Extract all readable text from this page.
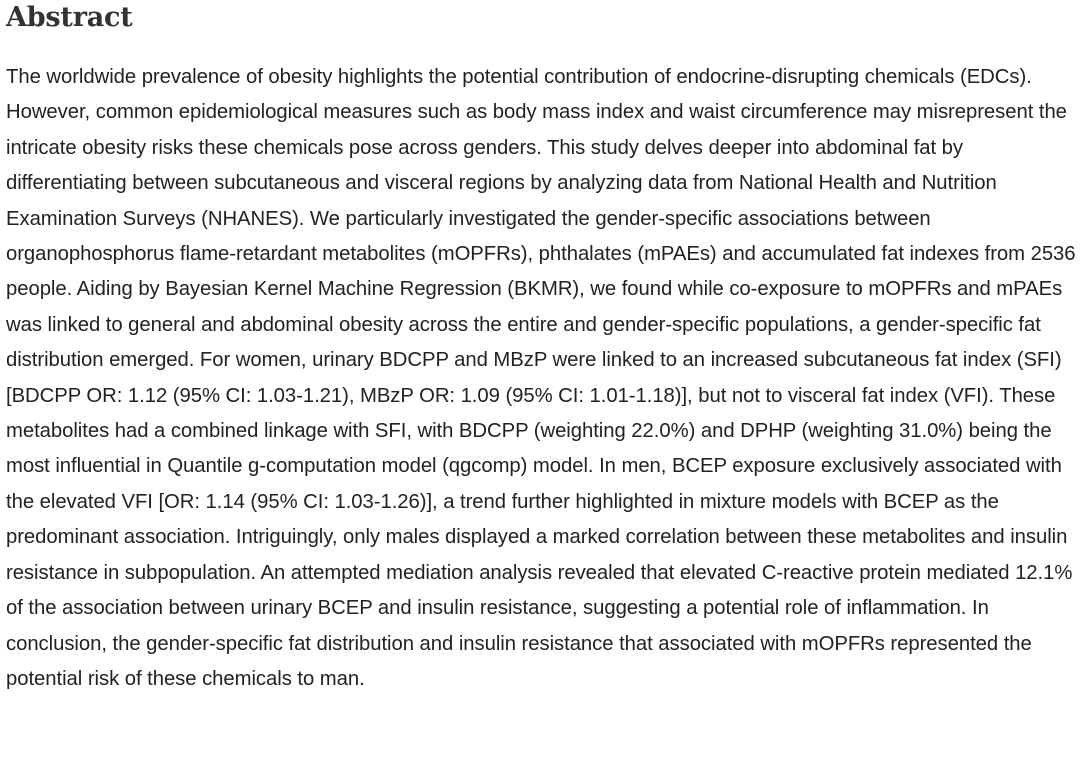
Abstract

The worldwide prevalence of obesity highlights the potential contribution of endocrine-disrupting chemicals (EDCs). However, common epidemiological measures such as body mass index and waist circumference may misrepresent the intricate obesity risks these chemicals pose across genders. This study delves deeper into abdominal fat by differentiating between subcutaneous and visceral regions by analyzing data from National Health and Nutrition Examination Surveys (NHANES). We particularly investigated the gender-specific associations between organophosphorus flame-retardant metabolites (mOPFRs), phthalates (mPAEs) and accumulated fat indexes from 2536 people. Aiding by Bayesian Kernel Machine Regression (BKMR), we found while co-exposure to mOPFRs and mPAEs was linked to general and abdominal obesity across the entire and gender-specific populations, a gender-specific fat distribution emerged. For women, urinary BDCPP and MBzP were linked to an increased subcutaneous fat index (SFI) [BDCPP OR: 1.12 (95% CI: 1.03-1.21), MBzP OR: 1.09 (95% CI: 1.01-1.18)], but not to visceral fat index (VFI). These metabolites had a combined linkage with SFI, with BDCPP (weighting 22.0%) and DPHP (weighting 31.0%) being the most influential in Quantile g-computation model (qgcomp) model. In men, BCEP exposure exclusively associated with the elevated VFI [OR: 1.14 (95% CI: 1.03-1.26)], a trend further highlighted in mixture models with BCEP as the predominant association. Intriguingly, only males displayed a marked correlation between these metabolites and insulin resistance in subpopulation. An attempted mediation analysis revealed that elevated C-reactive protein mediated 12.1% of the association between urinary BCEP and insulin resistance, suggesting a potential role of inflammation. In conclusion, the gender-specific fat distribution and insulin resistance that associated with mOPFRs represented the potential risk of these chemicals to man.
